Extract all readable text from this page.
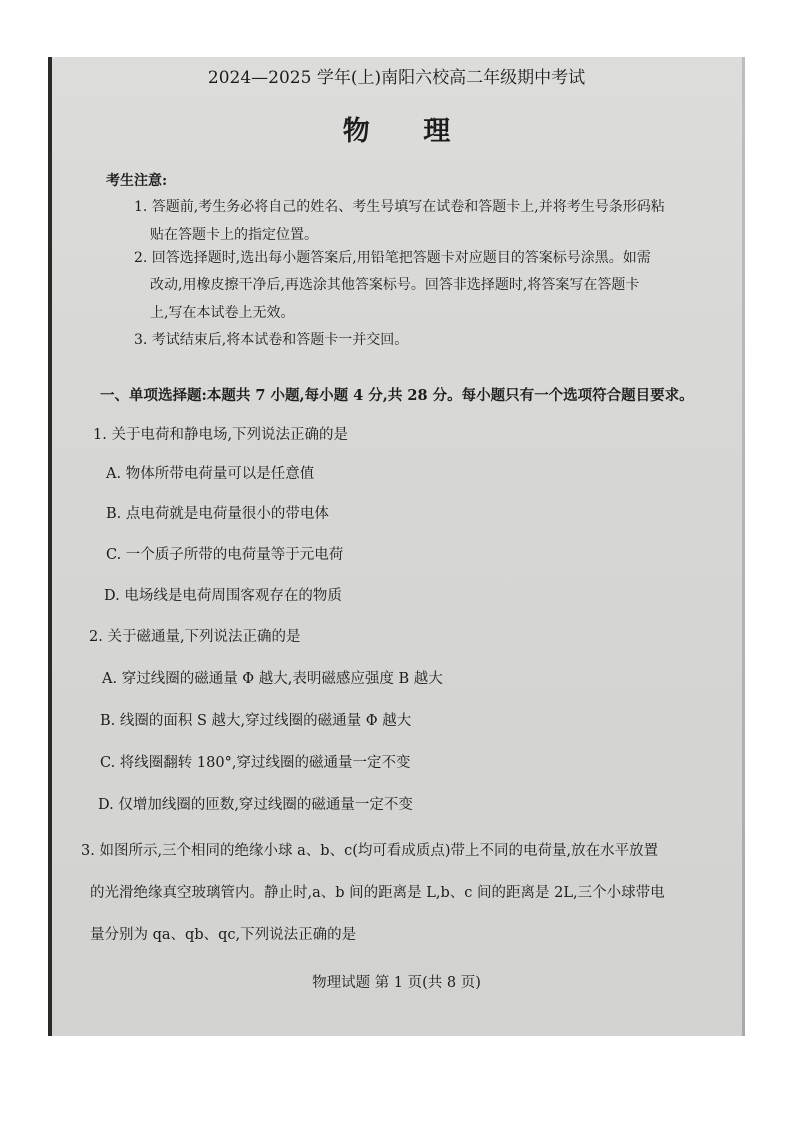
2024—2025 学年(上)南阳六校高二年级期中考试
物 理
考生注意:
1. 答题前,考生务必将自己的姓名、考生号填写在试卷和答题卡上,并将考生号条形码粘
贴在答题卡上的指定位置。
2. 回答选择题时,选出每小题答案后,用铅笔把答题卡对应题目的答案标号涂黑。如需
改动,用橡皮擦干净后,再选涂其他答案标号。回答非选择题时,将答案写在答题卡
上,写在本试卷上无效。
3. 考试结束后,将本试卷和答题卡一并交回。
一、单项选择题:本题共 7 小题,每小题 4 分,共 28 分。每小题只有一个选项符合题目要求。
1. 关于电荷和静电场,下列说法正确的是
A. 物体所带电荷量可以是任意值
B. 点电荷就是电荷量很小的带电体
C. 一个质子所带的电荷量等于元电荷
D. 电场线是电荷周围客观存在的物质
2. 关于磁通量,下列说法正确的是
A. 穿过线圈的磁通量 Φ 越大,表明磁感应强度 B 越大
B. 线圈的面积 S 越大,穿过线圈的磁通量 Φ 越大
C. 将线圈翻转 180°,穿过线圈的磁通量一定不变
D. 仅增加线圈的匝数,穿过线圈的磁通量一定不变
3. 如图所示,三个相同的绝缘小球 a、b、c(均可看成质点)带上不同的电荷量,放在水平放置
的光滑绝缘真空玻璃管内。静止时,a、b 间的距离是 L,b、c 间的距离是 2L,三个小球带电
量分别为 qa、qb、qc,下列说法正确的是
物理试题 第 1 页(共 8 页)
